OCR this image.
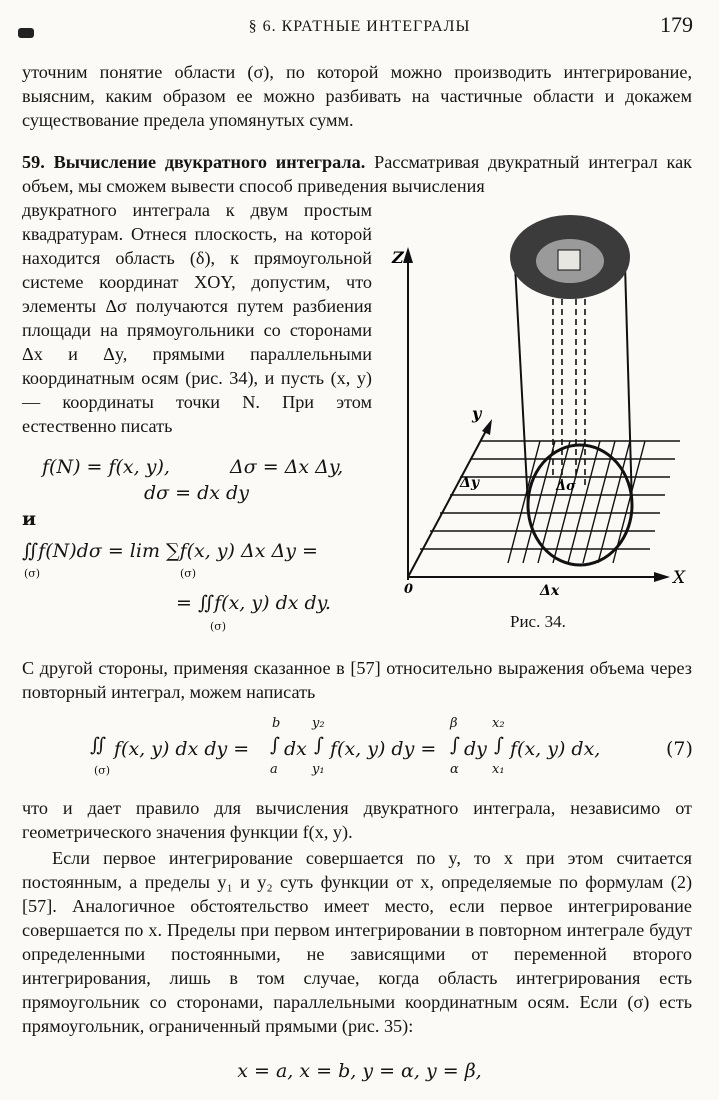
§ 6. КРАТНЫЕ ИНТЕГРАЛЫ	179
уточним понятие области (σ), по которой можно производить интегрирование, выясним, каким образом ее можно разбивать на частичные области и докажем существование предела упомянутых сумм.
59. Вычисление двукратного интеграла. Рассматривая двукратный интеграл как объем, мы сможем вывести способ приведения вычисления
двукратного интеграла к двум простым квадратурам. Отнеся плоскость, на которой находится область (δ), к прямоугольной системе координат XOY, допустим, что элементы Δσ получаются путем разбиения площади на прямоугольники со сторонами Δx и Δy, прямыми параллельными координатным осям (рис. 34), и пусть (x, y) — координаты точки N. При этом естественно писать
f(N) = f(x, y),	Δσ = Δx Δy,
dσ = dx dy
и
∬f(N)dσ = lim ∑f(x, y) Δx Δy =
(σ)	(σ)
= ∬f(x, y) dx dy.
(σ)
Z
X
0
y
Δy	Δσ
Δx
Рис. 34.
С другой стороны, применяя сказанное в [57] относительно выражения объема через повторный интеграл, можем написать
∬
(σ)
f(x, y) dx dy = ∫
b
a
dx ∫
y₂
y₁
f(x, y) dy = ∫
β
α
dy ∫
x₂
x₁
f(x, y) dx,	(7)
что и дает правило для вычисления двукратного интеграла, независимо от геометрического значения функции f(x, y).
Если первое интегрирование совершается по y, то x при этом считается постоянным, а пределы y₁ и y₂ суть функции от x, определяемые по формулам (2) [57]. Аналогичное обстоятельство имеет место, если первое интегрирование совершается по x. Пределы при первом интегрировании в повторном интеграле будут определенными постоянными, не зависящими от переменной второго интегрирования, лишь в том случае, когда область интегрирования есть прямоугольник со сторонами, параллельными координатным осям. Если (σ) есть прямоугольник, ограниченный прямыми (рис. 35):
x = a, x = b, y = α, y = β,
